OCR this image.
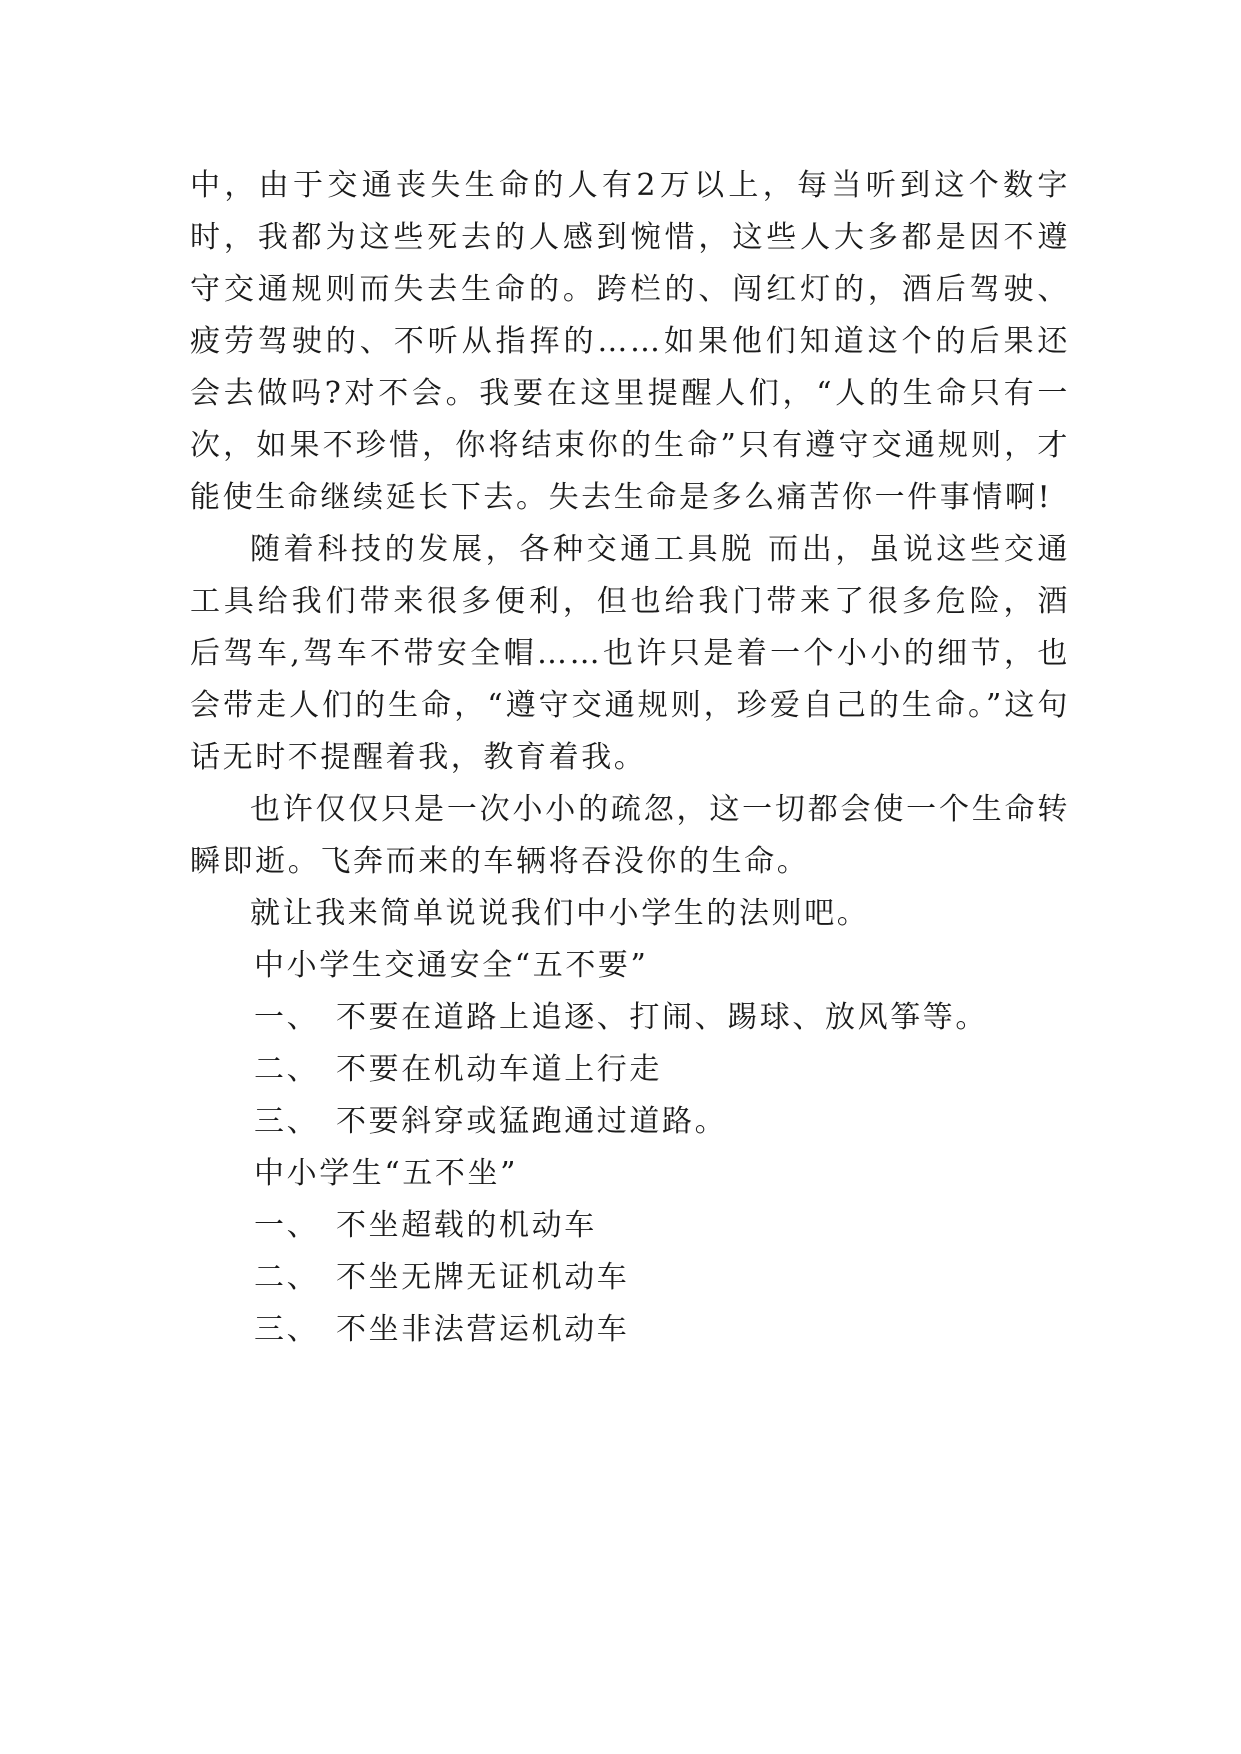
中，由于交通丧失生命的人有2万以上，每当听到这个数字时，我都为这些死去的人感到惋惜，这些人大多都是因不遵守交通规则而失去生命的。跨栏的、闯红灯的，酒后驾驶、疲劳驾驶的、不听从指挥的……如果他们知道这个的后果还会去做吗?对不会。我要在这里提醒人们，“人的生命只有一次，如果不珍惜，你将结束你的生命”只有遵守交通规则，才能使生命继续延长下去。失去生命是多么痛苦你一件事情啊!

随着科技的发展，各种交通工具脱 而出，虽说这些交通工具给我们带来很多便利，但也给我门带来了很多危险，酒后驾车,驾车不带安全帽……也许只是着一个小小的细节，也会带走人们的生命，“遵守交通规则，珍爱自己的生命。”这句话无时不提醒着我，教育着我。

也许仅仅只是一次小小的疏忽，这一切都会使一个生命转瞬即逝。飞奔而来的车辆将吞没你的生命。

就让我来简单说说我们中小学生的法则吧。

中小学生交通安全“五不要”

一、 不要在道路上追逐、打闹、踢球、放风筝等。

二、 不要在机动车道上行走

三、 不要斜穿或猛跑通过道路。

中小学生“五不坐”

一、 不坐超载的机动车

二、 不坐无牌无证机动车

三、 不坐非法营运机动车
